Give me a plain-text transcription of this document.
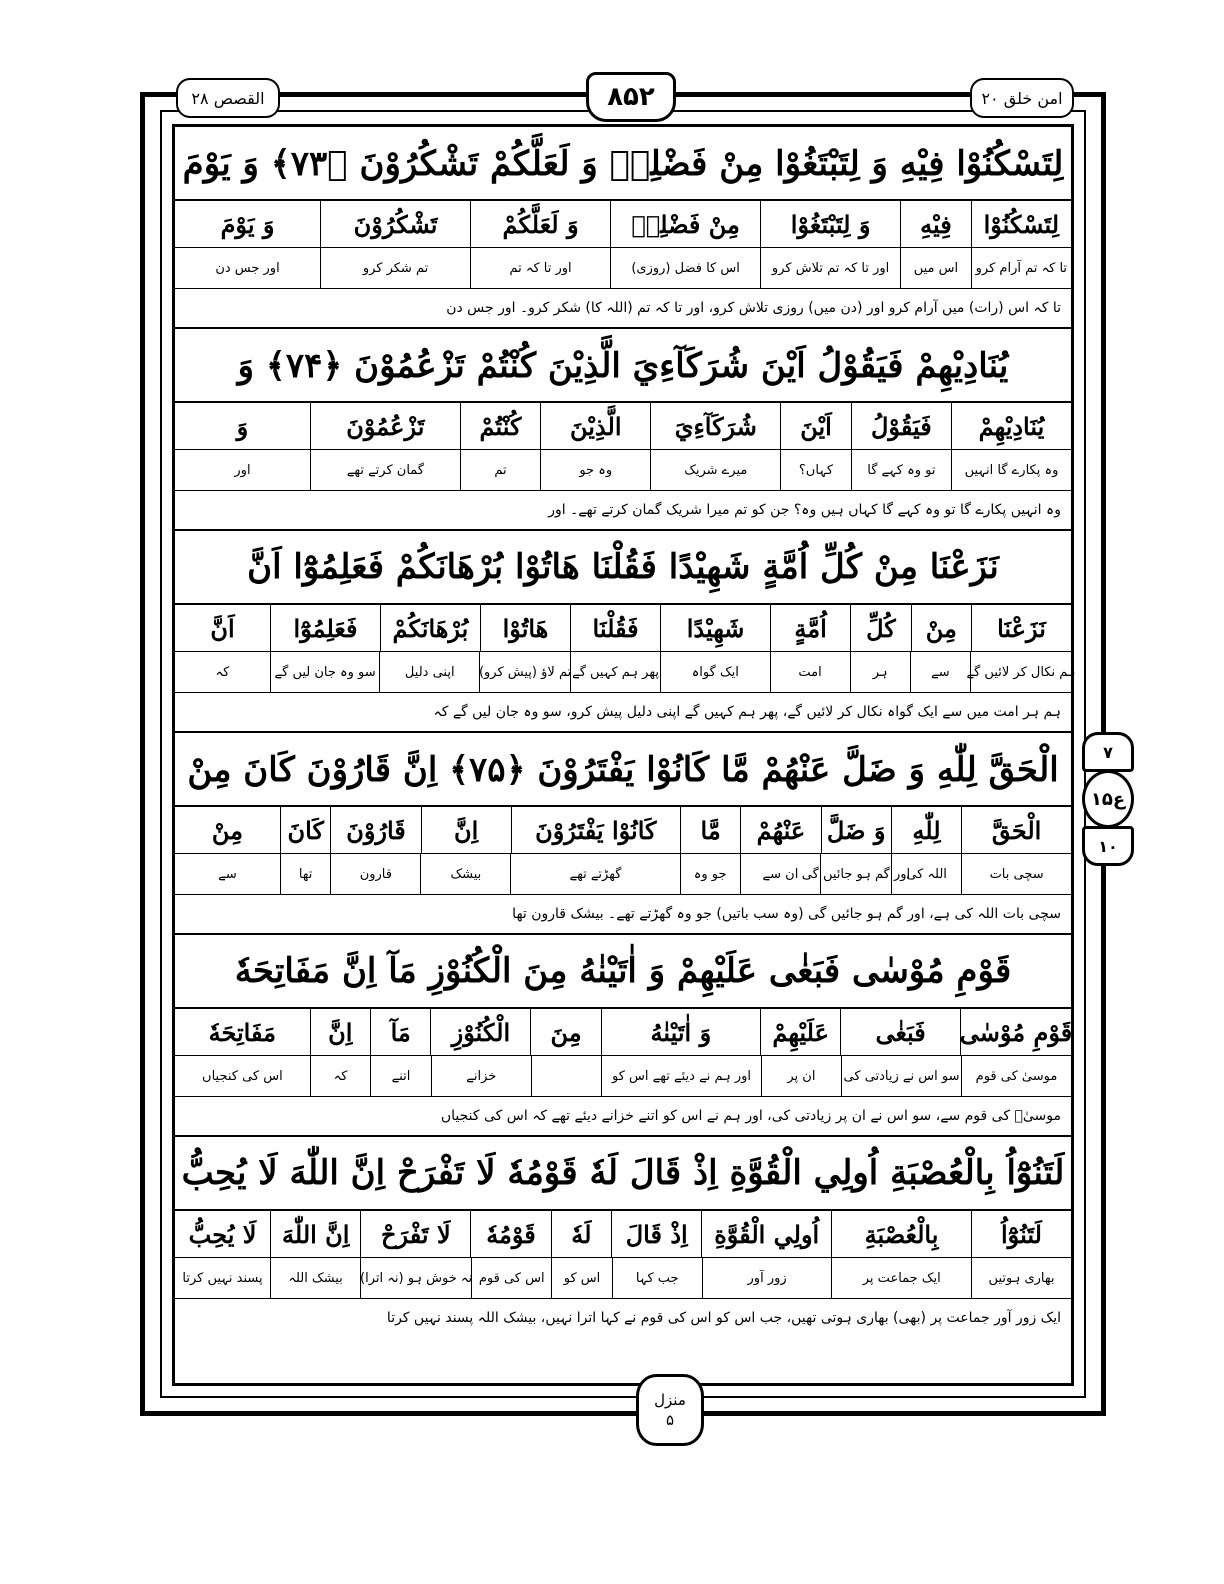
القصص ۲۸	۸۵۲	امن خلق ۲۰
لِتَسْكُنُوْا فِيْهِ وَ لِتَبْتَغُوْا مِنْ فَضْلِهٖ وَ لَعَلَّكُمْ تَشْكُرُوْنَ ﴿۷۳﴾ وَ يَوْمَ
لِتَسْكُنُوْا
فِيْهِ
وَ لِتَبْتَغُوْا
مِنْ فَضْلِهٖ
وَ لَعَلَّكُمْ
تَشْكُرُوْنَ
وَ يَوْمَ
تا کہ تم آرام کرو
اس میں
اور تا کہ تم تلاش کرو
اس کا فضل (روزی)
اور تا کہ تم
تم شکر کرو
اور جس دن
تا کہ اس (رات) میں آرام کرو اور (دن میں) روزی تلاش کرو، اور تا کہ تم (اللہ کا) شکر کرو۔ اور جس دن
يُنَادِيْهِمْ فَيَقُوْلُ اَيْنَ شُرَكَآءِيَ الَّذِيْنَ كُنْتُمْ تَزْعُمُوْنَ ﴿۷۴﴾ وَ
يُنَادِيْهِمْ
فَيَقُوْلُ
اَيْنَ
شُرَكَآءِيَ
الَّذِيْنَ
كُنْتُمْ
تَزْعُمُوْنَ
وَ
وہ پکارے گا انہیں
تو وہ کہے گا
کہاں؟
میرے شریک
وہ جو
تم
گمان کرتے تھے
اور
وہ انہیں پکارے گا تو وہ کہے گا کہاں ہیں وہ؟ جن کو تم میرا شریک گمان کرتے تھے۔ اور
نَزَعْنَا مِنْ كُلِّ اُمَّةٍ شَهِيْدًا فَقُلْنَا هَاتُوْا بُرْهَانَكُمْ فَعَلِمُوْٓا اَنَّ
نَزَعْنَا
مِنْ
كُلِّ
اُمَّةٍ
شَهِيْدًا
فَقُلْنَا
هَاتُوْا
بُرْهَانَكُمْ
فَعَلِمُوْٓا
اَنَّ
ہم نکال کر لائیں گے
سے
ہر
امت
ایک گواہ
پھر ہم کہیں گے
تم لاؤ (پیش کرو)
اپنی دلیل
سو وہ جان لیں گے
کہ
ہم ہر امت میں سے ایک گواہ نکال کر لائیں گے، پھر ہم کہیں گے اپنی دلیل پیش کرو، سو وہ جان لیں گے کہ
الْحَقَّ لِلّٰهِ وَ ضَلَّ عَنْهُمْ مَّا كَانُوْا يَفْتَرُوْنَ ﴿۷۵﴾ اِنَّ قَارُوْنَ كَانَ مِنْ
الْحَقَّ
لِلّٰهِ
وَ ضَلَّ
عَنْهُمْ
مَّا
كَانُوْا يَفْتَرُوْنَ
اِنَّ
قَارُوْنَ
كَانَ
مِنْ
سچی بات
اللہ کی
اور گم ہو جائیں گی
ان سے
جو وہ
گھڑتے تھے
بیشک
قارون
تھا
سے
سچی بات اللہ کی ہے، اور گم ہو جائیں گی (وہ سب باتیں) جو وہ گھڑتے تھے۔ بیشک قارون تھا
قَوْمِ مُوْسٰى فَبَغٰى عَلَيْهِمْ وَ اٰتَيْنٰهُ مِنَ الْكُنُوْزِ مَآ اِنَّ مَفَاتِحَهٗ
قَوْمِ مُوْسٰى
فَبَغٰى
عَلَيْهِمْ
وَ اٰتَيْنٰهُ
مِنَ
الْكُنُوْزِ
مَآ
اِنَّ
مَفَاتِحَهٗ
موسیٰ کی قوم
سو اس نے زیادتی کی
ان پر
اور ہم نے دیئے تھے اس کو
خزانے
اتنے
کہ
اس کی کنجیاں
موسیٰؑ کی قوم سے، سو اس نے ان پر زیادتی کی، اور ہم نے اس کو اتنے خزانے دیئے تھے کہ اس کی کنجیاں
لَتَنُوْٓاُ بِالْعُصْبَةِ اُولِي الْقُوَّةِ اِذْ قَالَ لَهٗ قَوْمُهٗ لَا تَفْرَحْ اِنَّ اللّٰهَ لَا يُحِبُّ
لَتَنُوْٓاُ
بِالْعُصْبَةِ
اُولِي الْقُوَّةِ
اِذْ قَالَ
لَهٗ
قَوْمُهٗ
لَا تَفْرَحْ
اِنَّ اللّٰهَ
لَا يُحِبُّ
بھاری ہوتیں
ایک جماعت پر
زور آور
جب کہا
اس کو
اس کی قوم
نہ خوش ہو (نہ اترا)
بیشک اللہ
پسند نہیں کرتا
ایک زور آور جماعت پر (بھی) بھاری ہوتی تھیں، جب اس کو اس کی قوم نے کہا اترا نہیں، بیشک اللہ پسند نہیں کرتا
۷
ع۱۵
۱۰
منزل
۵
